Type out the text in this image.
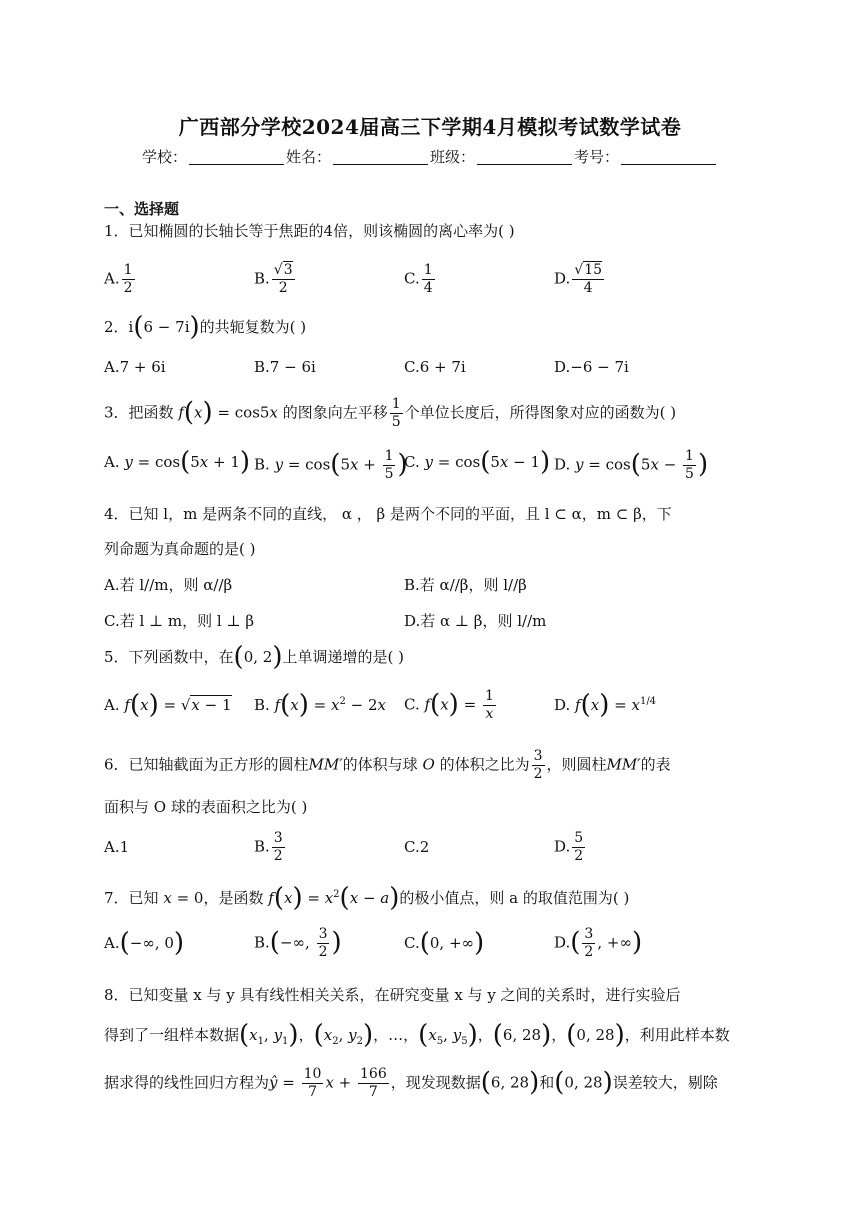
广西部分学校2024届高三下学期4月模拟考试数学试卷
学校：	姓名：	班级：	考号：
一、选择题
1．已知椭圆的长轴长等于焦距的4倍，则该椭圆的离心率为( )
A. $\frac{1}{2}$	B. $\frac{√3}{2}$	C. $\frac{1}{4}$	D. $\frac{√15}{4}$
2．i(6 − 7i)的共轭复数为( )
A.7 + 6i	B.7 − 6i	C.6 + 7i	D.−6 − 7i
3．把函数 f(x) = cos5x 的图象向左平移 $\frac{1}{5}$ 个单位长度后，所得图象对应的函数为( )
A. y = cos(5x + 1) B. $y = \cos(5x + \frac{1}{5}$ )
C. y = cos(5x − 1) D. $y = \cos(5x - \frac{1}{5}$ )
4．已知 l，m 是两条不同的直线， α ， β 是两个不同的平面，且 l ⊂ α，m ⊂ β，下
列命题为真命题的是( )
A.若 l//m，则 α//β	B.若 α//β，则 l//β
C.若 l ⊥ m，则 l ⊥ β	D.若 α ⊥ β，则 l//m
5．下列函数中，在(0, 2)上单调递增的是( )
A. f(x) = √x − 1 B. $f(x) = x^2 - 2x$ C. $f(x) = \frac{1}{x}$	D. $f(x) = x^{1/4}$
6．已知轴截面为正方形的圆柱MM′的体积与球 O 的体积之比为 $\frac{3}{2}$ ，则圆柱MM′的表
面积与 O 球的表面积之比为( )
A.1	B. $\frac{3}{2}$	C.2	D. $\frac{5}{2}$
7．已知 x = 0，是函数 $f(x) = x^2(x - a)$的极小值点，则 a 的取值范围为( )
A.(−∞, 0)	B.(−∞, $\frac{3}{2}$ )	C.(0, +∞)	$D.( \frac{3}{2}$ , +∞)
8．已知变量 x 与 y 具有线性相关关系，在研究变量 x 与 y 之间的关系时，进行实验后
得到了一组样本数据($x_1$, $y_1$)，($x_2$, $y_2$)，…，($x_5$, $y_5$)，(6, 28)，(0, 28)，利用此样本数
据求得的线性回归方程为ŷ = $\frac{10}{7}$ $x + \frac{166}{7}$ ，现发现数据(6, 28)和(0, 28)误差较大，剔除
